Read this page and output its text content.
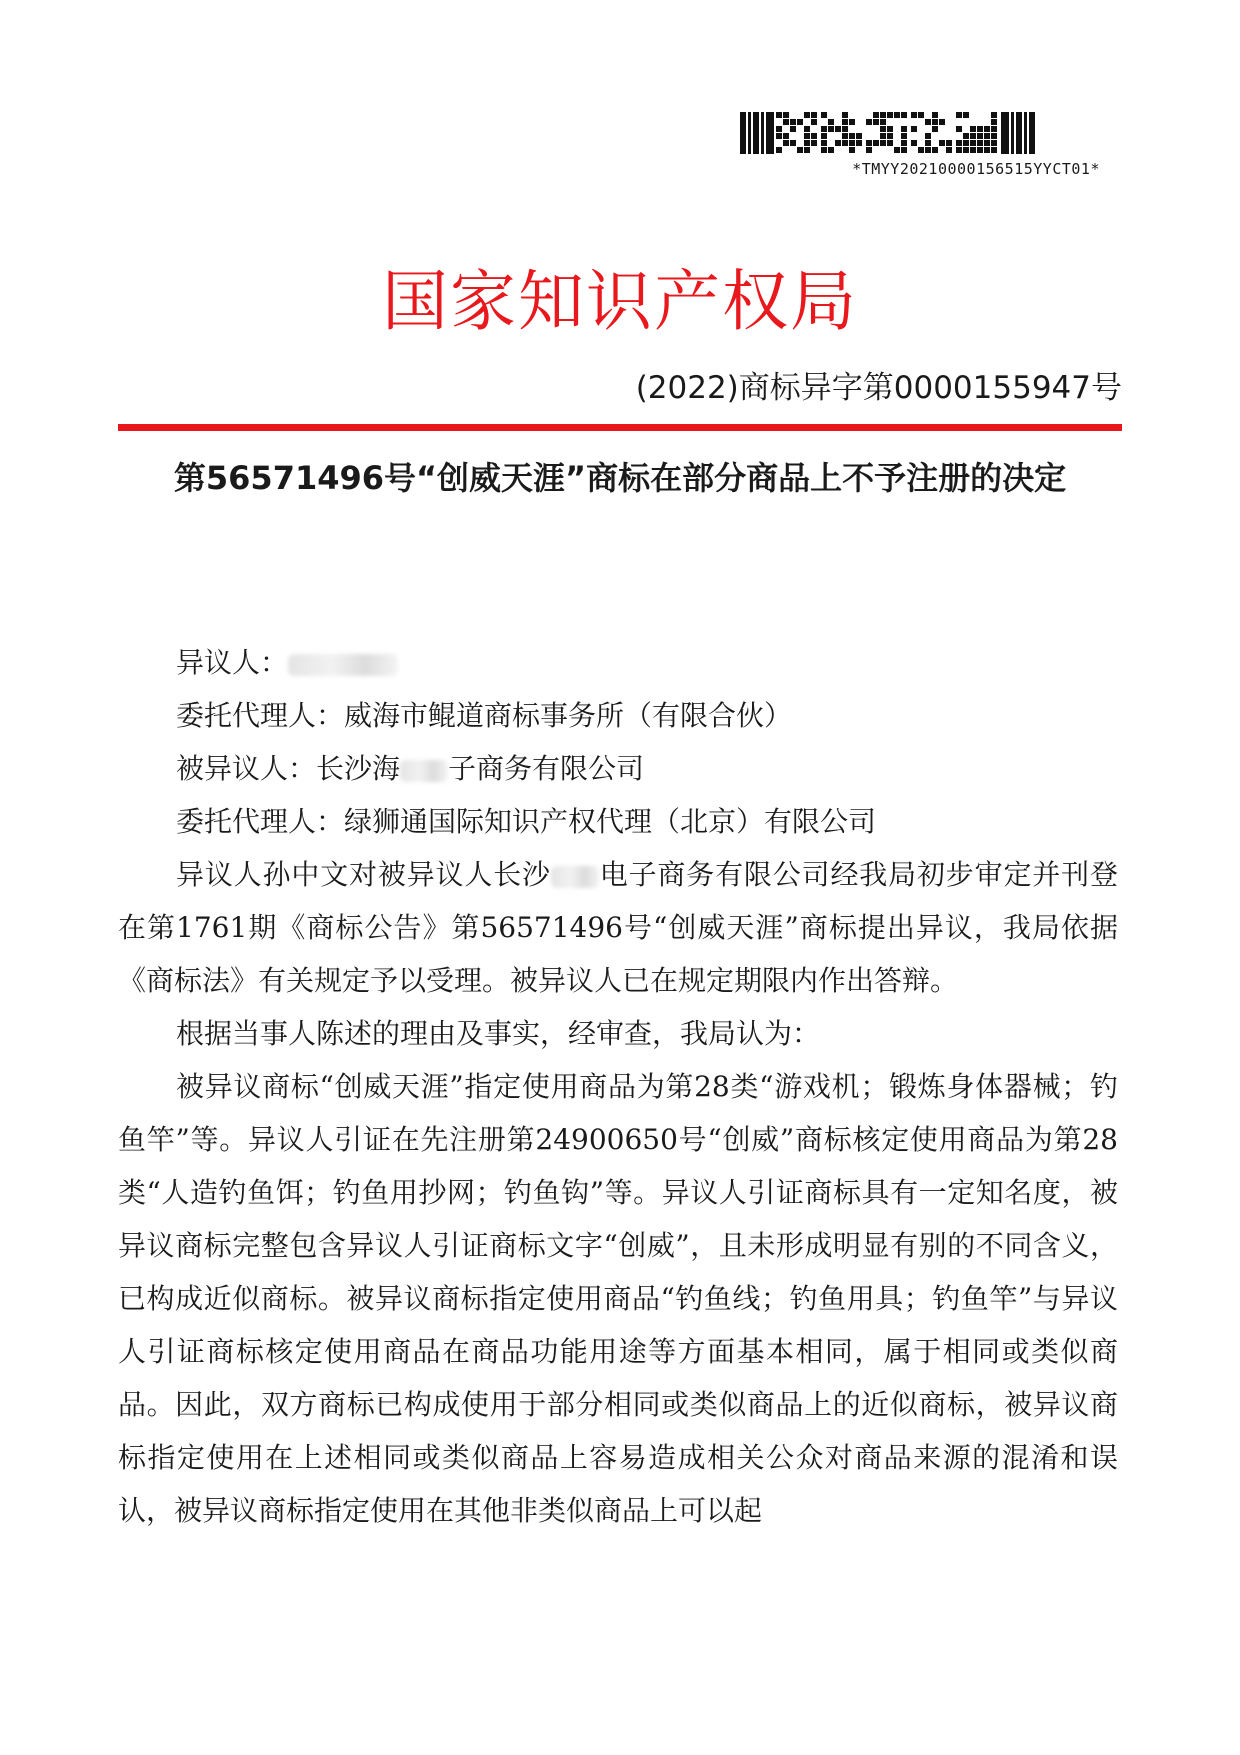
*TMYY20210000156515YYCT01*
国家知识产权局
(2022)商标异字第0000155947号
第56571496号“创威天涯”商标在部分商品上不予注册的决定

异议人：

委托代理人：威海市鲲道商标事务所（有限合伙）

被异议人：长沙海 子商务有限公司

委托代理人：绿狮通国际知识产权代理（北京）有限公司

异议人孙中文对被异议人长沙 电子商务有限公司经我局初步审定并刊登在第1761期《商标公告》第56571496号“创威天涯”商标提出异议，我局依据《商标法》有关规定予以受理。被异议人已在规定期限内作出答辩。

根据当事人陈述的理由及事实，经审查，我局认为：

被异议商标“创威天涯”指定使用商品为第28类“游戏机；锻炼身体器械；钓鱼竿”等。异议人引证在先注册第24900650号“创威”商标核定使用商品为第28类“人造钓鱼饵；钓鱼用抄网；钓鱼钩”等。异议人引证商标具有一定知名度，被异议商标完整包含异议人引证商标文字“创威”，且未形成明显有别的不同含义，已构成近似商标。被异议商标指定使用商品“钓鱼线；钓鱼用具；钓鱼竿”与异议人引证商标核定使用商品在商品功能用途等方面基本相同，属于相同或类似商品。因此，双方商标已构成使用于部分相同或类似商品上的近似商标，被异议商标指定使用在上述相同或类似商品上容易造成相关公众对商品来源的混淆和误认，被异议商标指定使用在其他非类似商品上可以起
